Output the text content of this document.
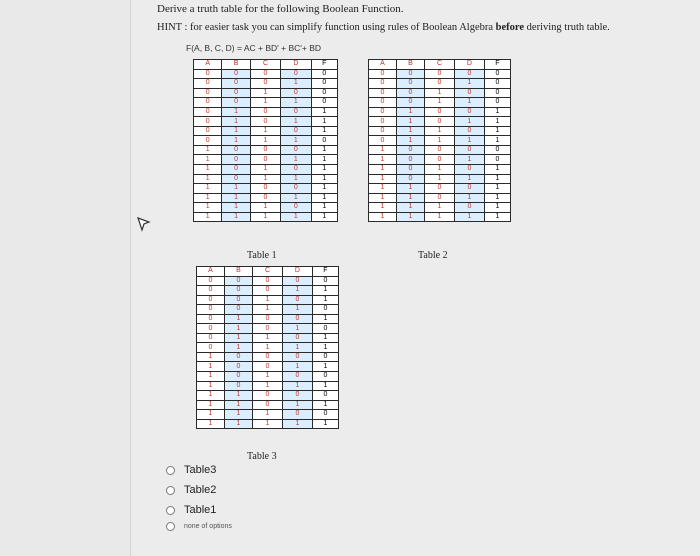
Derive a truth table for the following Boolean Function.
HINT : for easier task you can simplify function using rules of Boolean Algebra before deriving truth table.
F(A, B, C, D) = AC + BD' + BC'+ BD
A	B	C	D	F
0	0	0	0	0
0	0	0	1	0
0	0	1	0	0
0	0	1	1	0
0	1	0	0	1
0	1	0	1	1
0	1	1	0	1
0	1	1	1	0
1	0	0	0	1
1	0	0	1	1
1	0	1	0	1
1	0	1	1	1
1	1	0	0	1
1	1	0	1	1
1	1	1	0	1
1	1	1	1	1
Table 1
A	B	C	D	F
0	0	0	0	0
0	0	0	1	0
0	0	1	0	0
0	0	1	1	0
0	1	0	0	1
0	1	0	1	1
0	1	1	0	1
0	1	1	1	1
1	0	0	0	0
1	0	0	1	0
1	0	1	0	1
1	0	1	1	1
1	1	0	0	1
1	1	0	1	1
1	1	1	0	1
1	1	1	1	1
Table 2
A	B	C	D	F
0	0	0	0	0
0	0	0	1	1
0	0	1	0	1
0	0	1	1	0
0	1	0	0	1
0	1	0	1	0
0	1	1	0	1
0	1	1	1	1
1	0	0	0	0
1	0	0	1	1
1	0	1	0	0
1	0	1	1	1
1	1	0	0	0
1	1	0	1	1
1	1	1	0	0
1	1	1	1	1
Table 3
Table3
Table2
Table1
none of options
